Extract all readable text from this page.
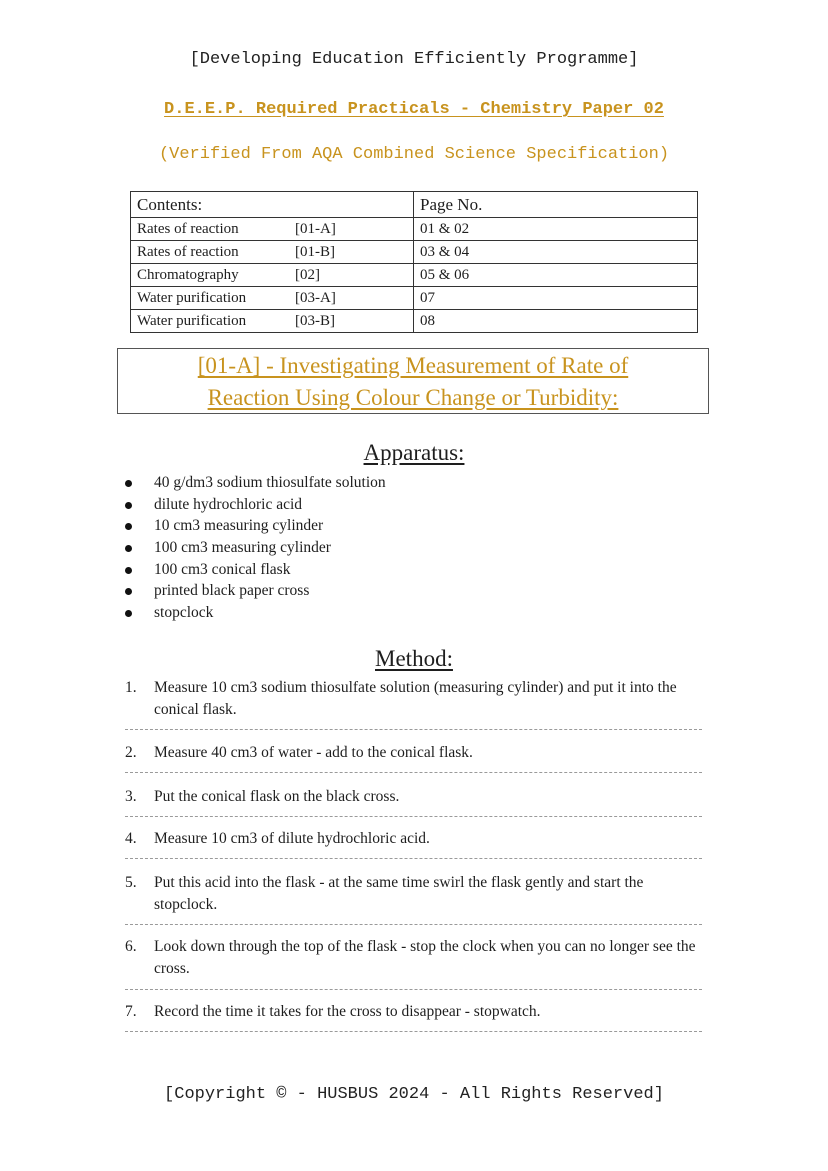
[Developing Education Efficiently Programme]
D.E.E.P. Required Practicals - Chemistry Paper 02
(Verified From AQA Combined Science Specification)
Contents:	Page No.
Rates of reaction [01-A]	01 & 02
Rates of reaction [01-B]	03 & 04
Chromatography [02]	05 & 06
Water purification [03-A]	07
Water purification [03-B]	08
[01-A] - Investigating Measurement of Rate of
Reaction Using Colour Change or Turbidity:
Apparatus:
40 g/dm3 sodium thiosulfate solution
dilute hydrochloric acid
10 cm3 measuring cylinder
100 cm3 measuring cylinder
100 cm3 conical flask
printed black paper cross
stopclock
Method:
1. Measure 10 cm3 sodium thiosulfate solution (measuring cylinder) and put it into the conical flask.
2. Measure 40 cm3 of water - add to the conical flask.
3. Put the conical flask on the black cross.
4. Measure 10 cm3 of dilute hydrochloric acid.
5. Put this acid into the flask - at the same time swirl the flask gently and start the stopclock.
6. Look down through the top of the flask - stop the clock when you can no longer see the cross.
7. Record the time it takes for the cross to disappear - stopwatch.
[Copyright © - HUSBUS 2024 - All Rights Reserved]
